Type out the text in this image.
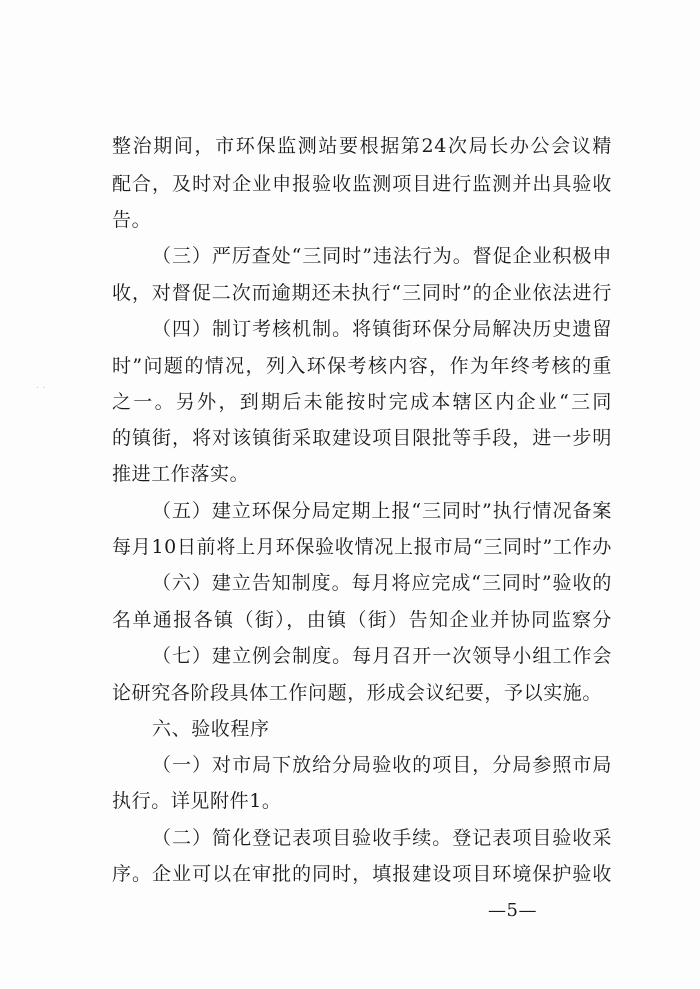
· ·
整治期间，市环保监测站要根据第24次局长办公会议精
配合，及时对企业申报验收监测项目进行监测并出具验收
告。
（三）严厉查处“三同时”违法行为。督促企业积极申
收，对督促二次而逾期还未执行“三同时”的企业依法进行
（四）制订考核机制。将镇街环保分局解决历史遗留
时”问题的情况，列入环保考核内容，作为年终考核的重
之一。另外，到期后未能按时完成本辖区内企业“三同
的镇街，将对该镇街采取建设项目限批等手段，进一步明
推进工作落实。
（五）建立环保分局定期上报“三同时”执行情况备案
每月10日前将上月环保验收情况上报市局“三同时”工作办
（六）建立告知制度。每月将应完成“三同时”验收的
名单通报各镇（街），由镇（街）告知企业并协同监察分
（七）建立例会制度。每月召开一次领导小组工作会
论研究各阶段具体工作问题，形成会议纪要，予以实施。
六、验收程序
（一）对市局下放给分局验收的项目，分局参照市局
执行。详见附件1。
（二）简化登记表项目验收手续。登记表项目验收采
序。企业可以在审批的同时，填报建设项目环境保护验收
—5—
